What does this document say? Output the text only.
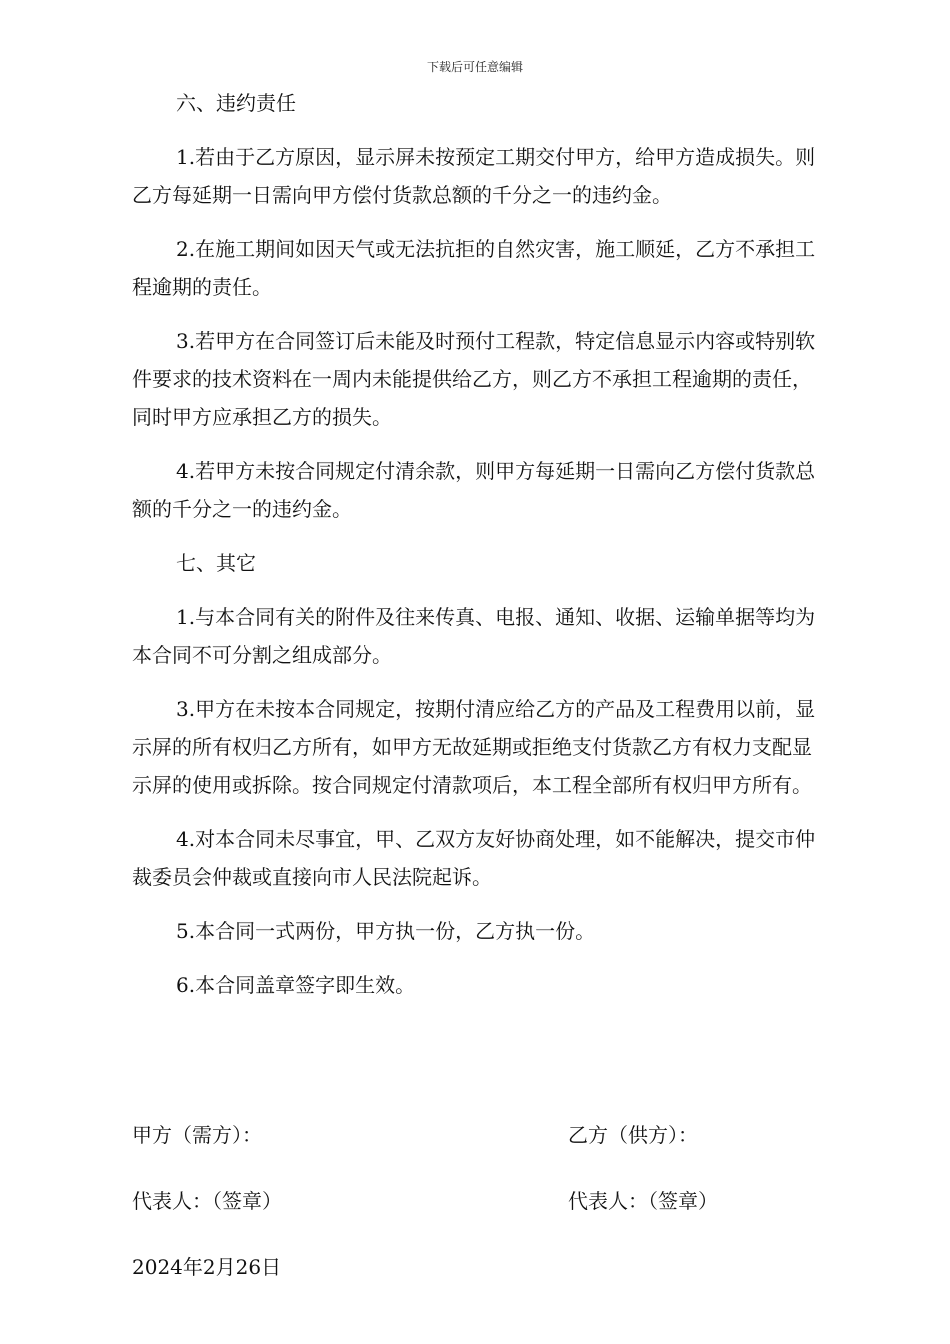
下载后可任意编辑

六、违约责任

1.若由于乙方原因，显示屏未按预定工期交付甲方，给甲方造成损失。则乙方每延期一日需向甲方偿付货款总额的千分之一的违约金。

2.在施工期间如因天气或无法抗拒的自然灾害，施工顺延，乙方不承担工程逾期的责任。

3.若甲方在合同签订后未能及时预付工程款，特定信息显示内容或特别软件要求的技术资料在一周内未能提供给乙方，则乙方不承担工程逾期的责任，同时甲方应承担乙方的损失。

4.若甲方未按合同规定付清余款，则甲方每延期一日需向乙方偿付货款总额的千分之一的违约金。

七、其它

1.与本合同有关的附件及往来传真、电报、通知、收据、运输单据等均为本合同不可分割之组成部分。

3.甲方在未按本合同规定，按期付清应给乙方的产品及工程费用以前，显示屏的所有权归乙方所有，如甲方无故延期或拒绝支付货款乙方有权力支配显示屏的使用或拆除。按合同规定付清款项后，本工程全部所有权归甲方所有。

4.对本合同未尽事宜，甲、乙双方友好协商处理，如不能解决，提交市仲裁委员会仲裁或直接向市人民法院起诉。

5.本合同一式两份，甲方执一份，乙方执一份。

6.本合同盖章签字即生效。

甲方（需方）：	乙方（供方）：
代表人：（签章）	代表人：（签章）
2024年2月26日
